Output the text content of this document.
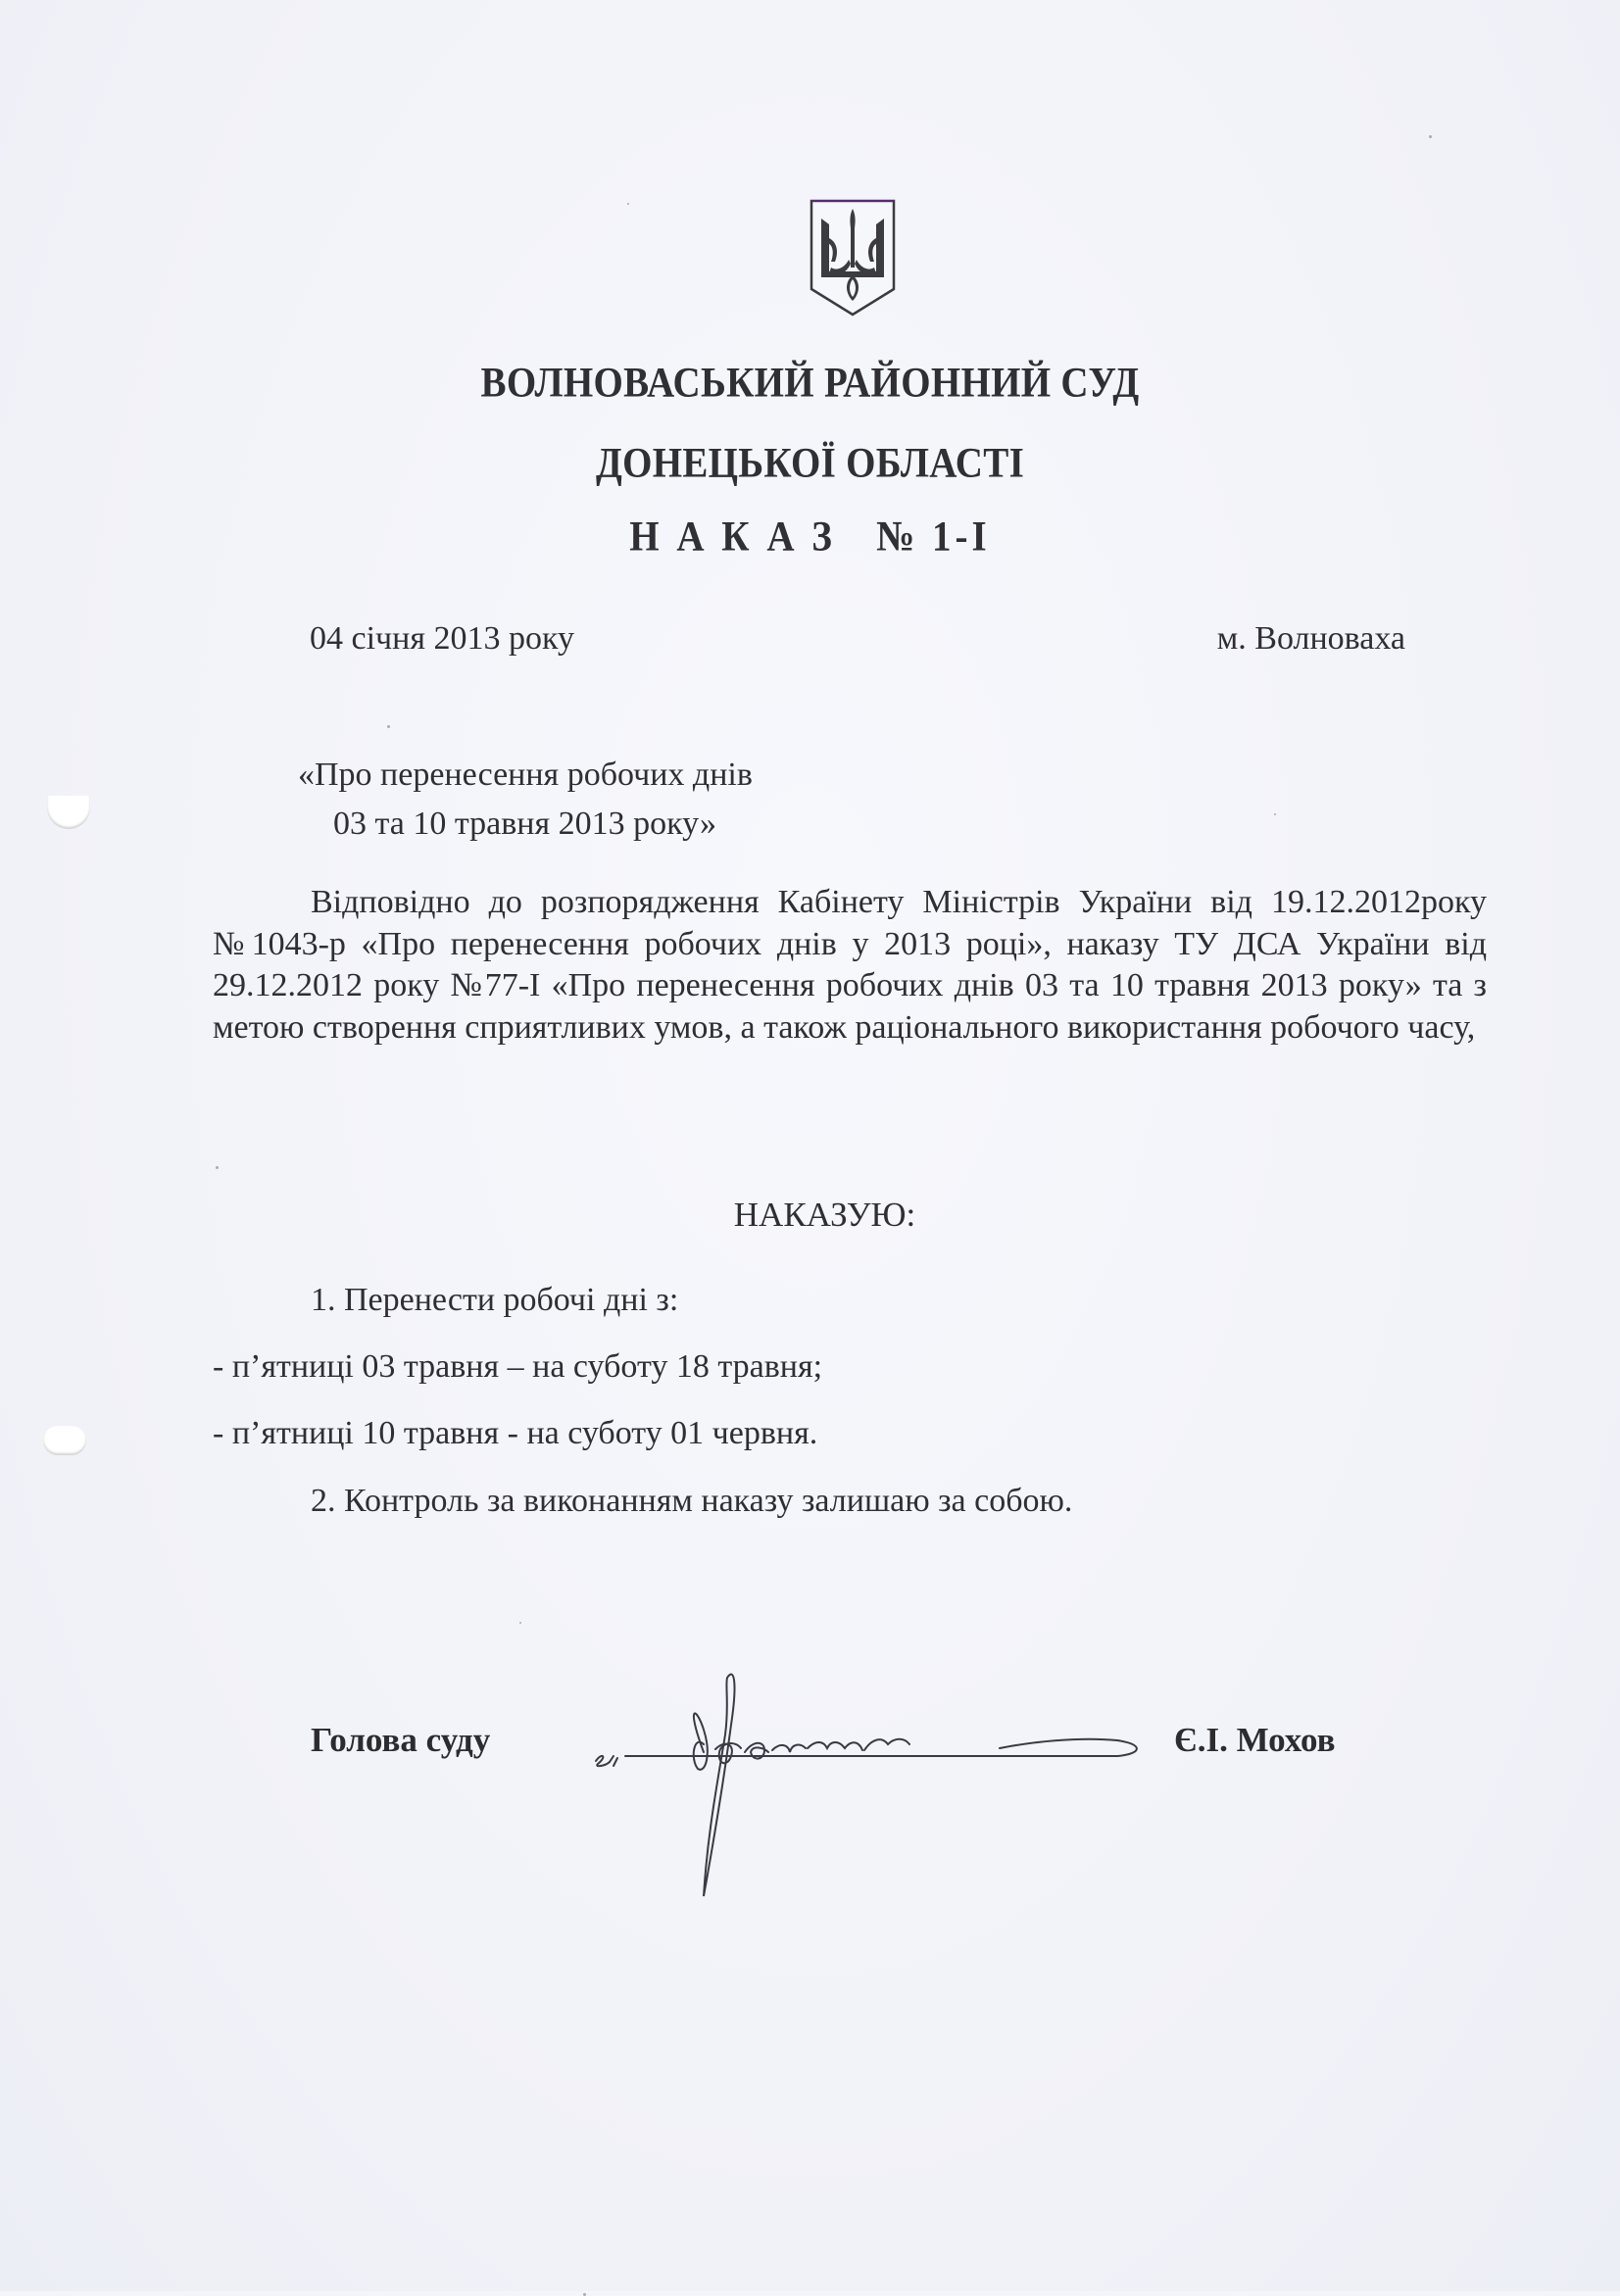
ВОЛНОВАСЬКИЙ РАЙОННИЙ СУД
ДОНЕЦЬКОЇ ОБЛАСТІ
Н А К А З   № 1-І
04 січня 2013 року	м. Волноваха
«Про перенесення робочих днів
03 та 10 травня 2013 року»
Відповідно до розпорядження Кабінету Міністрів України від 19.12.2012року №1043-р «Про перенесення робочих днів у 2013 році», наказу ТУ ДСА України від 29.12.2012 року №77-І «Про перенесення робочих днів 03 та 10 травня 2013 року» та з метою створення сприятливих умов, а також раціонального використання робочого часу,
НАКАЗУЮ:
1. Перенести робочі дні з:
- п’ятниці 03 травня – на суботу 18 травня;
- п’ятниці 10 травня - на суботу 01 червня.
2. Контроль за виконанням наказу залишаю за собою.
Голова суду	Є.І. Мохов
